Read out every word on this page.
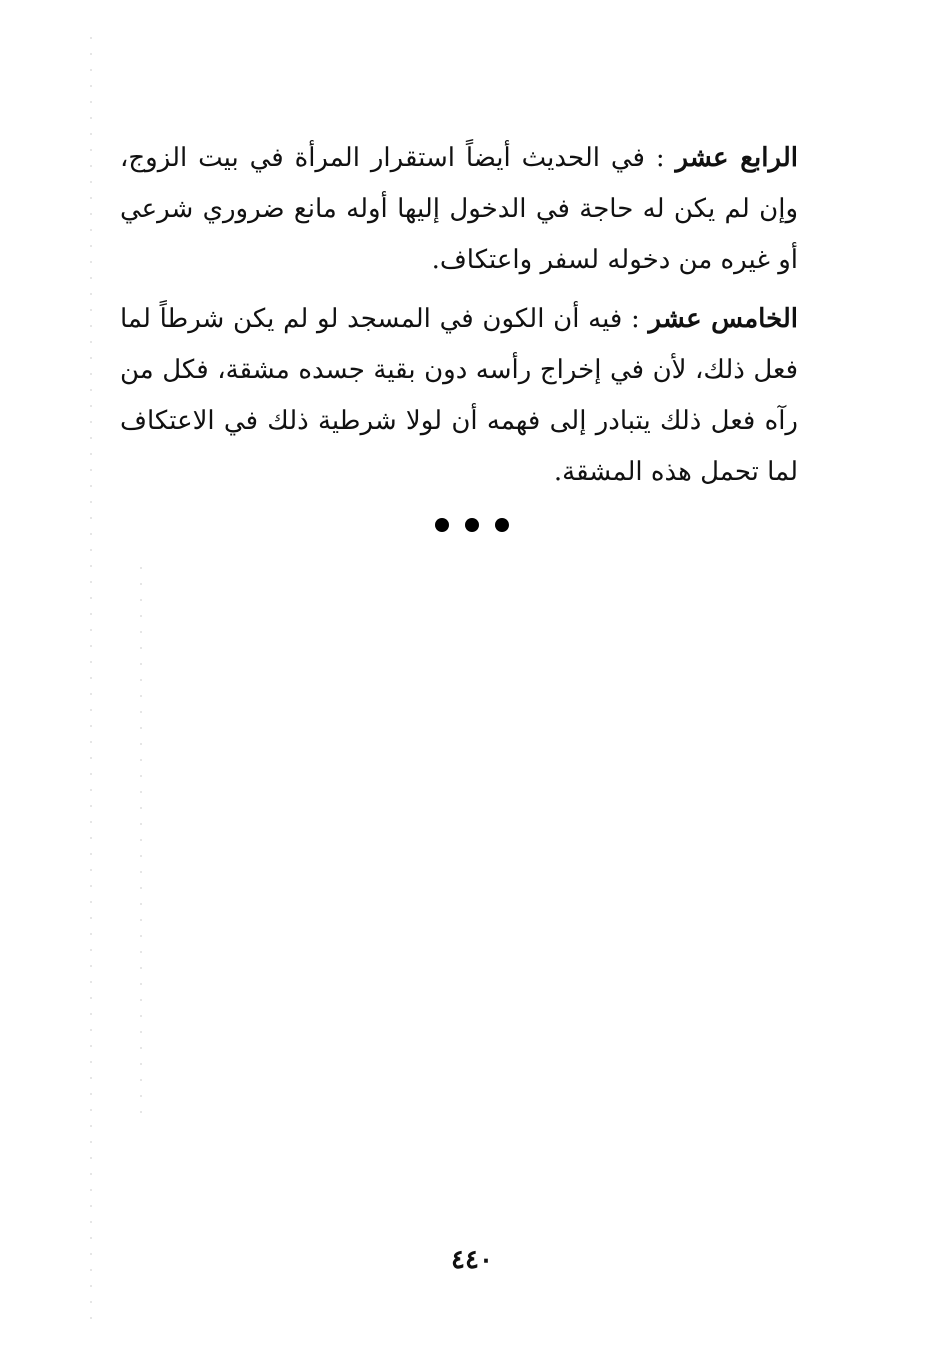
الرابع عشر : في الحديث أيضاً استقرار المرأة في بيت الزوج، وإن لم يكن له حاجة في الدخول إليها أوله مانع ضروري شرعي أو غيره من دخوله لسفر واعتكاف.

الخامس عشر : فيه أن الكون في المسجد لو لم يكن شرطاً لما فعل ذلك، لأن في إخراج رأسه دون بقية جسده مشقة، فكل من رآه فعل ذلك يتبادر إلى فهمه أن لولا شرطية ذلك في الاعتكاف لما تحمل هذه المشقة.

٤٤٠
